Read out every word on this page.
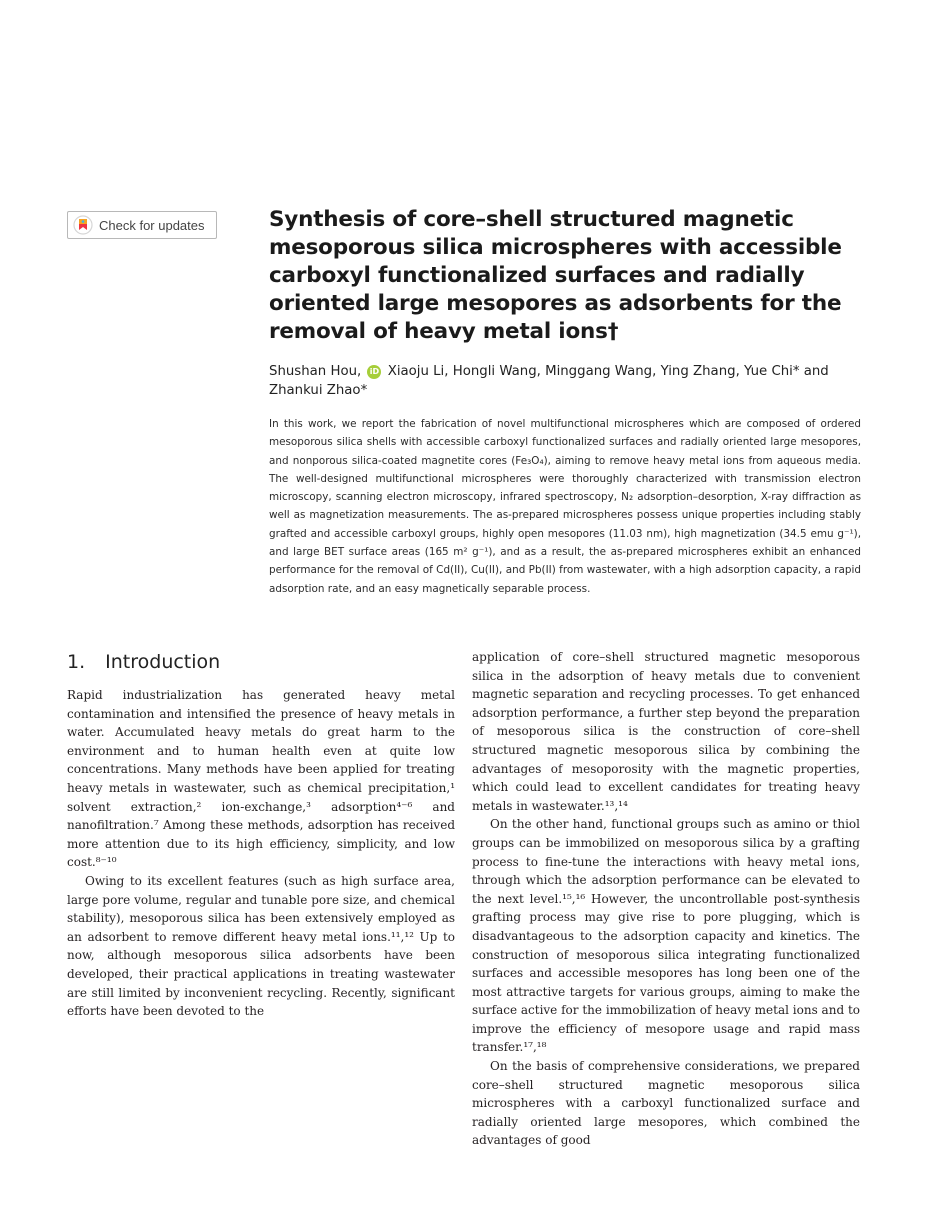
Check for updates	Synthesis of core–shell structured magnetic mesoporous silica microspheres with accessible carboxyl functionalized surfaces and radially oriented large mesopores as adsorbents for the removal of heavy metal ions†
Shushan Hou, iD Xiaoju Li, Hongli Wang, Minggang Wang, Ying Zhang, Yue Chi* and Zhankui Zhao*

In this work, we report the fabrication of novel multifunctional microspheres which are composed of ordered mesoporous silica shells with accessible carboxyl functionalized surfaces and radially oriented large mesopores, and nonporous silica-coated magnetite cores (Fe₃O₄), aiming to remove heavy metal ions from aqueous media. The well-designed multifunctional microspheres were thoroughly characterized with transmission electron microscopy, scanning electron microscopy, infrared spectroscopy, N₂ adsorption–desorption, X-ray diffraction as well as magnetization measurements. The as-prepared microspheres possess unique properties including stably grafted and accessible carboxyl groups, highly open mesopores (11.03 nm), high magnetization (34.5 emu g⁻¹), and large BET surface areas (165 m² g⁻¹), and as a result, the as-prepared microspheres exhibit an enhanced performance for the removal of Cd(II), Cu(II), and Pb(II) from wastewater, with a high adsorption capacity, a rapid adsorption rate, and an easy magnetically separable process.

1. Introduction

Rapid industrialization has generated heavy metal contamination and intensified the presence of heavy metals in water. Accumulated heavy metals do great harm to the environment and to human health even at quite low concentrations. Many methods have been applied for treating heavy metals in wastewater, such as chemical precipitation,¹ solvent extraction,² ion-exchange,³ adsorption⁴⁻⁶ and nanofiltration.⁷ Among these methods, adsorption has received more attention due to its high efficiency, simplicity, and low cost.⁸⁻¹⁰

Owing to its excellent features (such as high surface area, large pore volume, regular and tunable pore size, and chemical stability), mesoporous silica has been extensively employed as an adsorbent to remove different heavy metal ions.¹¹,¹² Up to now, although mesoporous silica adsorbents have been developed, their practical applications in treating wastewater are still limited by inconvenient recycling. Recently, significant efforts have been devoted to the

application of core–shell structured magnetic mesoporous silica in the adsorption of heavy metals due to convenient magnetic separation and recycling processes. To get enhanced adsorption performance, a further step beyond the preparation of mesoporous silica is the construction of core–shell structured magnetic mesoporous silica by combining the advantages of mesoporosity with the magnetic properties, which could lead to excellent candidates for treating heavy metals in wastewater.¹³,¹⁴

On the other hand, functional groups such as amino or thiol groups can be immobilized on mesoporous silica by a grafting process to fine-tune the interactions with heavy metal ions, through which the adsorption performance can be elevated to the next level.¹⁵,¹⁶ However, the uncontrollable post-synthesis grafting process may give rise to pore plugging, which is disadvantageous to the adsorption capacity and kinetics. The construction of mesoporous silica integrating functionalized surfaces and accessible mesopores has long been one of the most attractive targets for various groups, aiming to make the surface active for the immobilization of heavy metal ions and to improve the efficiency of mesopore usage and rapid mass transfer.¹⁷,¹⁸

On the basis of comprehensive considerations, we prepared core–shell structured magnetic mesoporous silica microspheres with a carboxyl functionalized surface and radially oriented large mesopores, which combined the advantages of good
